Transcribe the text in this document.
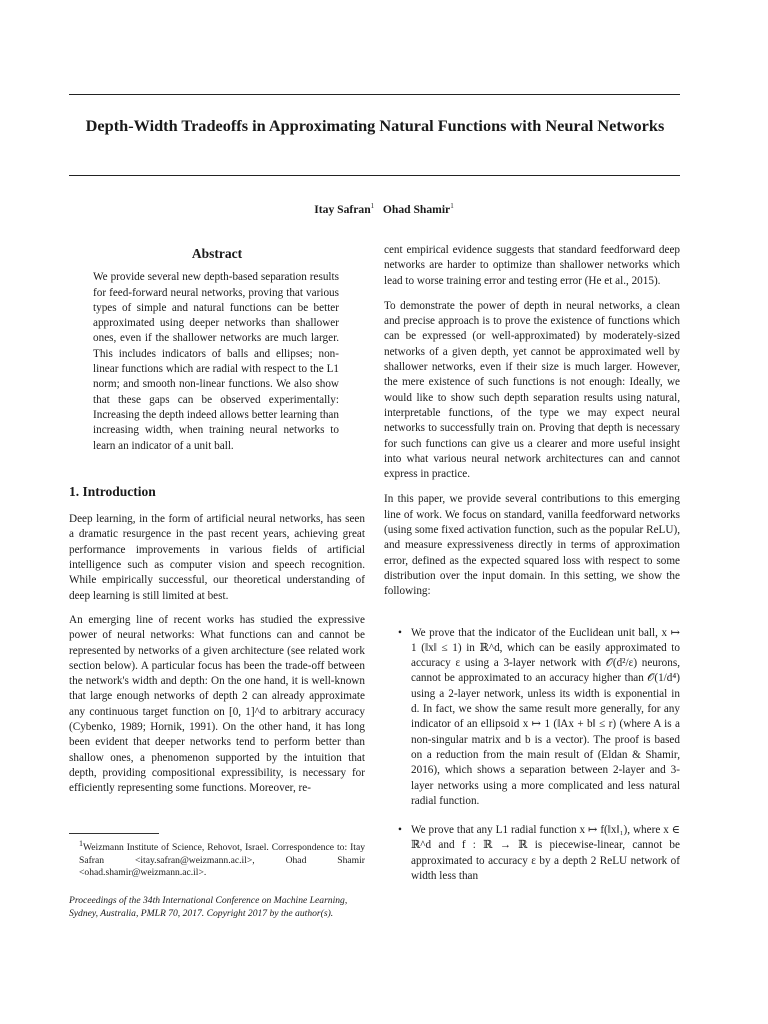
Depth-Width Tradeoffs in Approximating Natural Functions with Neural Networks
Itay Safran$^1$ Ohad Shamir$^1$
Abstract

We provide several new depth-based separation results for feed-forward neural networks, proving that various types of simple and natural functions can be better approximated using deeper networks than shallower ones, even if the shallower networks are much larger. This includes indicators of balls and ellipses; non-linear functions which are radial with respect to the L1 norm; and smooth non-linear functions. We also show that these gaps can be observed experimentally: Increasing the depth indeed allows better learning than increasing width, when training neural networks to learn an indicator of a unit ball.

1. Introduction

Deep learning, in the form of artificial neural networks, has seen a dramatic resurgence in the past recent years, achieving great performance improvements in various fields of artificial intelligence such as computer vision and speech recognition. While empirically successful, our theoretical understanding of deep learning is still limited at best.

An emerging line of recent works has studied the expressive power of neural networks: What functions can and cannot be represented by networks of a given architecture (see related work section below). A particular focus has been the trade-off between the network's width and depth: On the one hand, it is well-known that large enough networks of depth 2 can already approximate any continuous target function on [0, 1]^d to arbitrary accuracy (Cybenko, 1989; Hornik, 1991). On the other hand, it has long been evident that deeper networks tend to perform better than shallow ones, a phenomenon supported by the intuition that depth, providing compositional expressibility, is necessary for efficiently representing some functions. Moreover, re-

cent empirical evidence suggests that standard feedforward deep networks are harder to optimize than shallower networks which lead to worse training error and testing error (He et al., 2015).

To demonstrate the power of depth in neural networks, a clean and precise approach is to prove the existence of functions which can be expressed (or well-approximated) by moderately-sized networks of a given depth, yet cannot be approximated well by shallower networks, even if their size is much larger. However, the mere existence of such functions is not enough: Ideally, we would like to show such depth separation results using natural, interpretable functions, of the type we may expect neural networks to successfully train on. Proving that depth is necessary for such functions can give us a clearer and more useful insight into what various neural network architectures can and cannot express in practice.

In this paper, we provide several contributions to this emerging line of work. We focus on standard, vanilla feedforward networks (using some fixed activation function, such as the popular ReLU), and measure expressiveness directly in terms of approximation error, defined as the expected squared loss with respect to some distribution over the input domain. In this setting, we show the following:

• We prove that the indicator of the Euclidean unit ball, x ↦ 1 (‖x‖ ≤ 1) in ℝ^d, which can be easily approximated to accuracy ε using a 3-layer network with 𝒪(d²/ε) neurons, cannot be approximated to an accuracy higher than 𝒪(1/d⁴) using a 2-layer network, unless its width is exponential in d. In fact, we show the same result more generally, for any indicator of an ellipsoid x ↦ 1 (‖Ax + b‖ ≤ r) (where A is a non-singular matrix and b is a vector). The proof is based on a reduction from the main result of (Eldan & Shamir, 2016), which shows a separation between 2-layer and 3-layer networks using a more complicated and less natural radial function.
• We prove that any L1 radial function x ↦ f(‖x‖₁), where x ∈ ℝ^d and f : ℝ → ℝ is piecewise-linear, cannot be approximated to accuracy ε by a depth 2 ReLU network of width less than
$^1$Weizmann Institute of Science, Rehovot, Israel. Correspondence to: Itay Safran <itay.safran@weizmann.ac.il>, Ohad Shamir <ohad.shamir@weizmann.ac.il>.
Proceedings of the 34th International Conference on Machine Learning, Sydney, Australia, PMLR 70, 2017. Copyright 2017 by the author(s).
